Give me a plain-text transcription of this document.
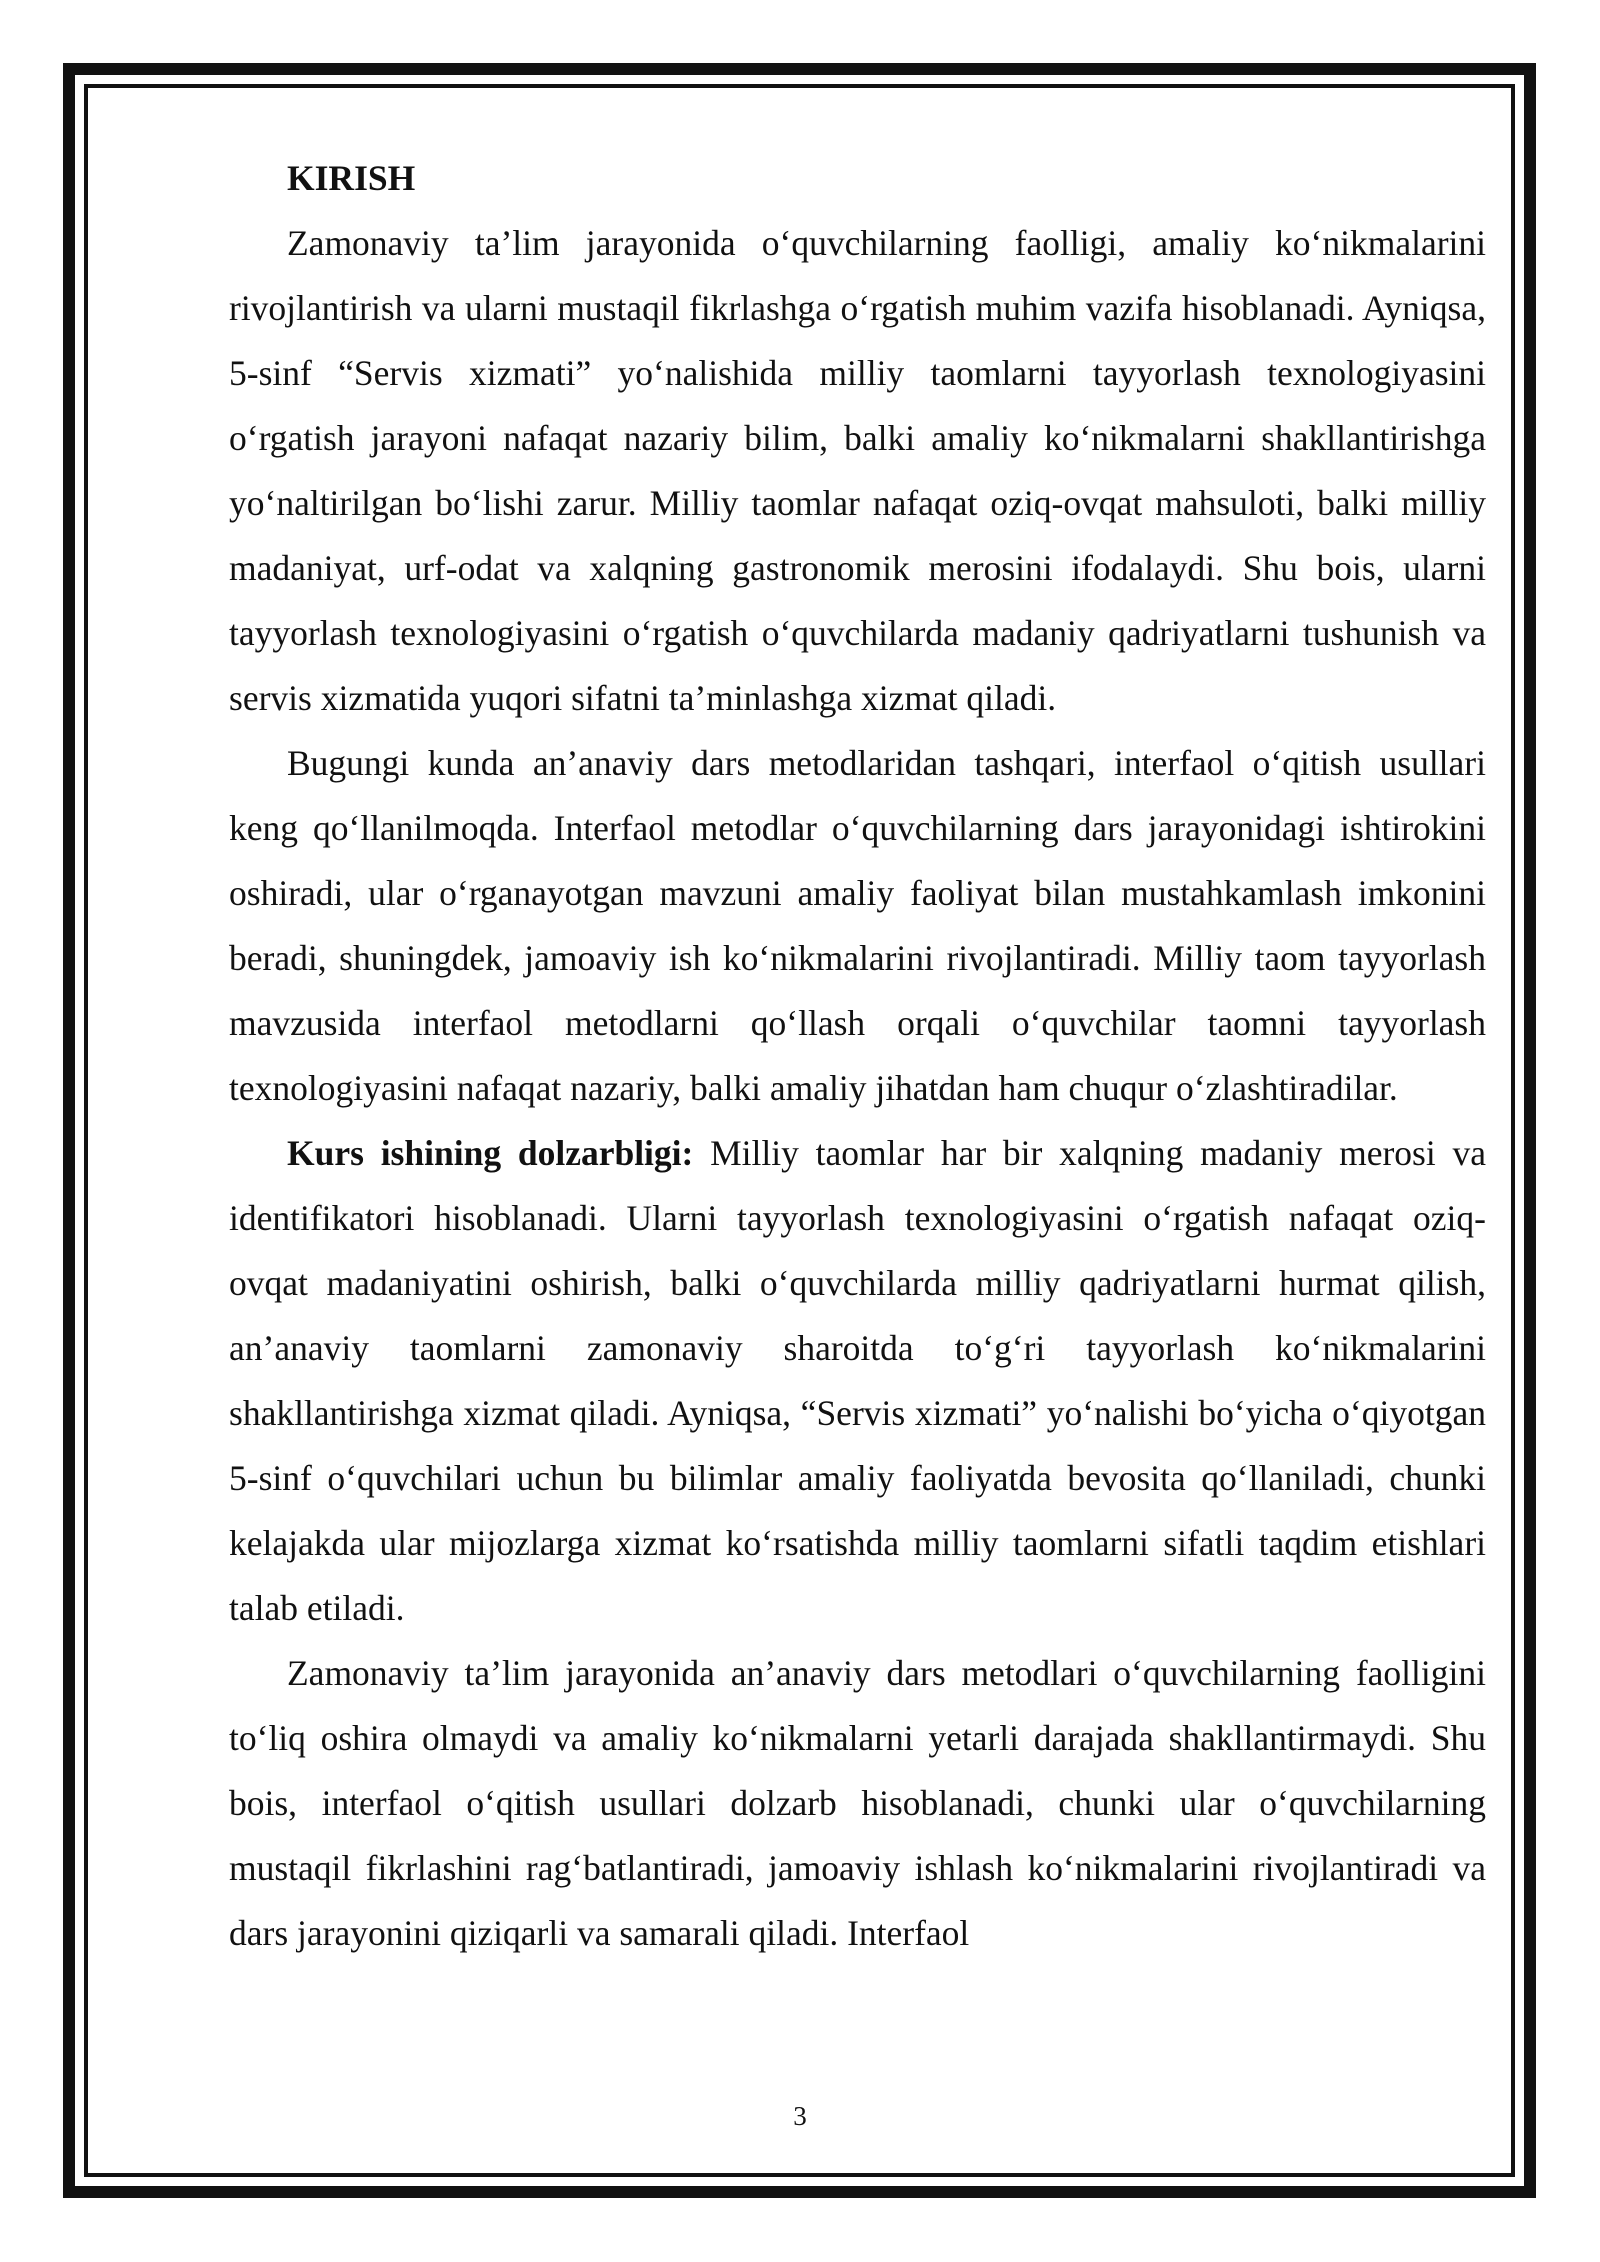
KIRISH

Zamonaviy ta’lim jarayonida o‘quvchilarning faolligi, amaliy ko‘nikmalarini rivojlantirish va ularni mustaqil fikrlashga o‘rgatish muhim vazifa hisoblanadi. Ayniqsa, 5-sinf “Servis xizmati” yo‘nalishida milliy taomlarni tayyorlash texnologiyasini o‘rgatish jarayoni nafaqat nazariy bilim, balki amaliy ko‘nikmalarni shakllantirishga yo‘naltirilgan bo‘lishi zarur. Milliy taomlar nafaqat oziq-ovqat mahsuloti, balki milliy madaniyat, urf-odat va xalqning gastronomik merosini ifodalaydi. Shu bois, ularni tayyorlash texnologiyasini o‘rgatish o‘quvchilarda madaniy qadriyatlarni tushunish va servis xizmatida yuqori sifatni ta’minlashga xizmat qiladi.

Bugungi kunda an’anaviy dars metodlaridan tashqari, interfaol o‘qitish usullari keng qo‘llanilmoqda. Interfaol metodlar o‘quvchilarning dars jarayonidagi ishtirokini oshiradi, ular o‘rganayotgan mavzuni amaliy faoliyat bilan mustahkamlash imkonini beradi, shuningdek, jamoaviy ish ko‘nikmalarini rivojlantiradi. Milliy taom tayyorlash mavzusida interfaol metodlarni qo‘llash orqali o‘quvchilar taomni tayyorlash texnologiyasini nafaqat nazariy, balki amaliy jihatdan ham chuqur o‘zlashtiradilar.

Kurs ishining dolzarbligi: Milliy taomlar har bir xalqning madaniy merosi va identifikatori hisoblanadi. Ularni tayyorlash texnologiyasini o‘rgatish nafaqat oziq-ovqat madaniyatini oshirish, balki o‘quvchilarda milliy qadriyatlarni hurmat qilish, an’anaviy taomlarni zamonaviy sharoitda to‘g‘ri tayyorlash ko‘nikmalarini shakllantirishga xizmat qiladi. Ayniqsa, “Servis xizmati” yo‘nalishi bo‘yicha o‘qiyotgan 5-sinf o‘quvchilari uchun bu bilimlar amaliy faoliyatda bevosita qo‘llaniladi, chunki kelajakda ular mijozlarga xizmat ko‘rsatishda milliy taomlarni sifatli taqdim etishlari talab etiladi.

Zamonaviy ta’lim jarayonida an’anaviy dars metodlari o‘quvchilarning faolligini to‘liq oshira olmaydi va amaliy ko‘nikmalarni yetarli darajada shakllantirmaydi. Shu bois, interfaol o‘qitish usullari dolzarb hisoblanadi, chunki ular o‘quvchilarning mustaqil fikrlashini rag‘batlantiradi, jamoaviy ishlash ko‘nikmalarini rivojlantiradi va dars jarayonini qiziqarli va samarali qiladi. Interfaol

3
